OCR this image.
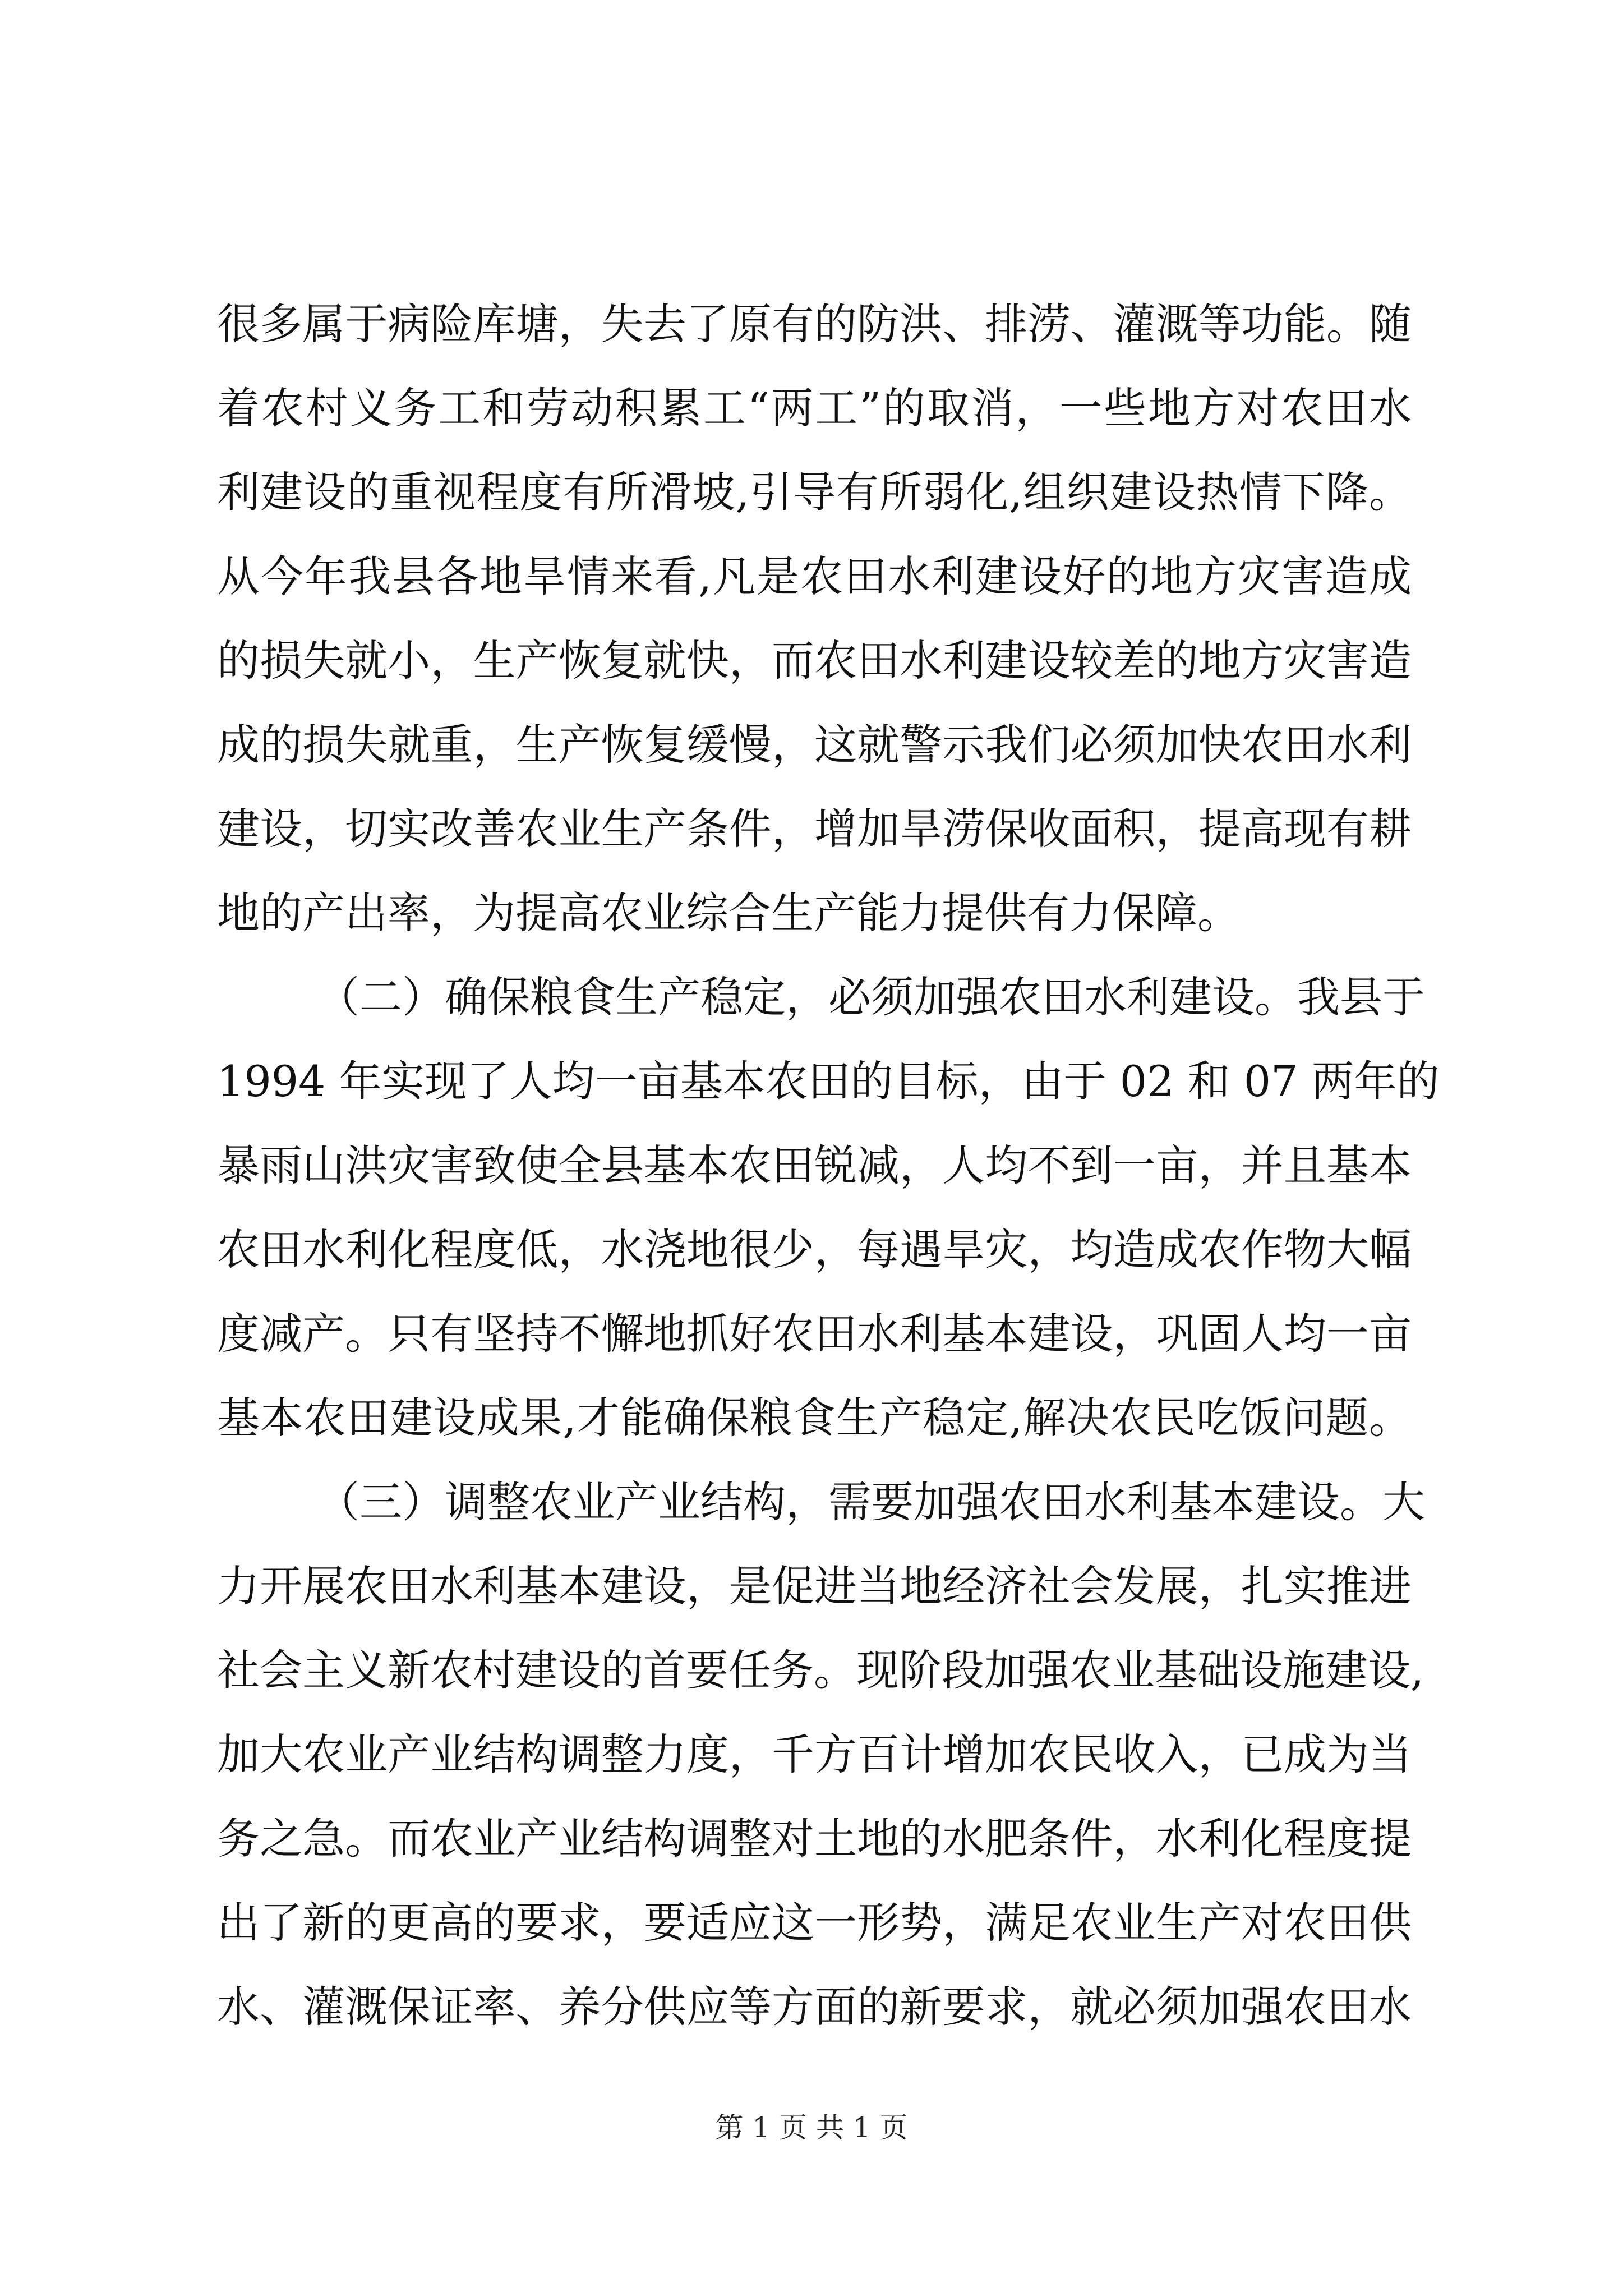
很多属于病险库塘，失去了原有的防洪、排涝、灌溉等功能。随
着农村义务工和劳动积累工“两工”的取消，一些地方对农田水
利建设的重视程度有所滑坡,引导有所弱化,组织建设热情下降。
从今年我县各地旱情来看,凡是农田水利建设好的地方灾害造成
的损失就小，生产恢复就快，而农田水利建设较差的地方灾害造
成的损失就重，生产恢复缓慢，这就警示我们必须加快农田水利
建设，切实改善农业生产条件，增加旱涝保收面积，提高现有耕
地的产出率，为提高农业综合生产能力提供有力保障。
（二）确保粮食生产稳定，必须加强农田水利建设。我县于
1994 年实现了人均一亩基本农田的目标，由于 02 和 07 两年的
暴雨山洪灾害致使全县基本农田锐减，人均不到一亩，并且基本
农田水利化程度低，水浇地很少，每遇旱灾，均造成农作物大幅
度减产。只有坚持不懈地抓好农田水利基本建设，巩固人均一亩
基本农田建设成果,才能确保粮食生产稳定,解决农民吃饭问题。
（三）调整农业产业结构，需要加强农田水利基本建设。大
力开展农田水利基本建设，是促进当地经济社会发展，扎实推进
社会主义新农村建设的首要任务。现阶段加强农业基础设施建设,
加大农业产业结构调整力度，千方百计增加农民收入，已成为当
务之急。而农业产业结构调整对土地的水肥条件，水利化程度提
出了新的更高的要求，要适应这一形势，满足农业生产对农田供
水、灌溉保证率、养分供应等方面的新要求，就必须加强农田水
第 1 页 共 1 页
